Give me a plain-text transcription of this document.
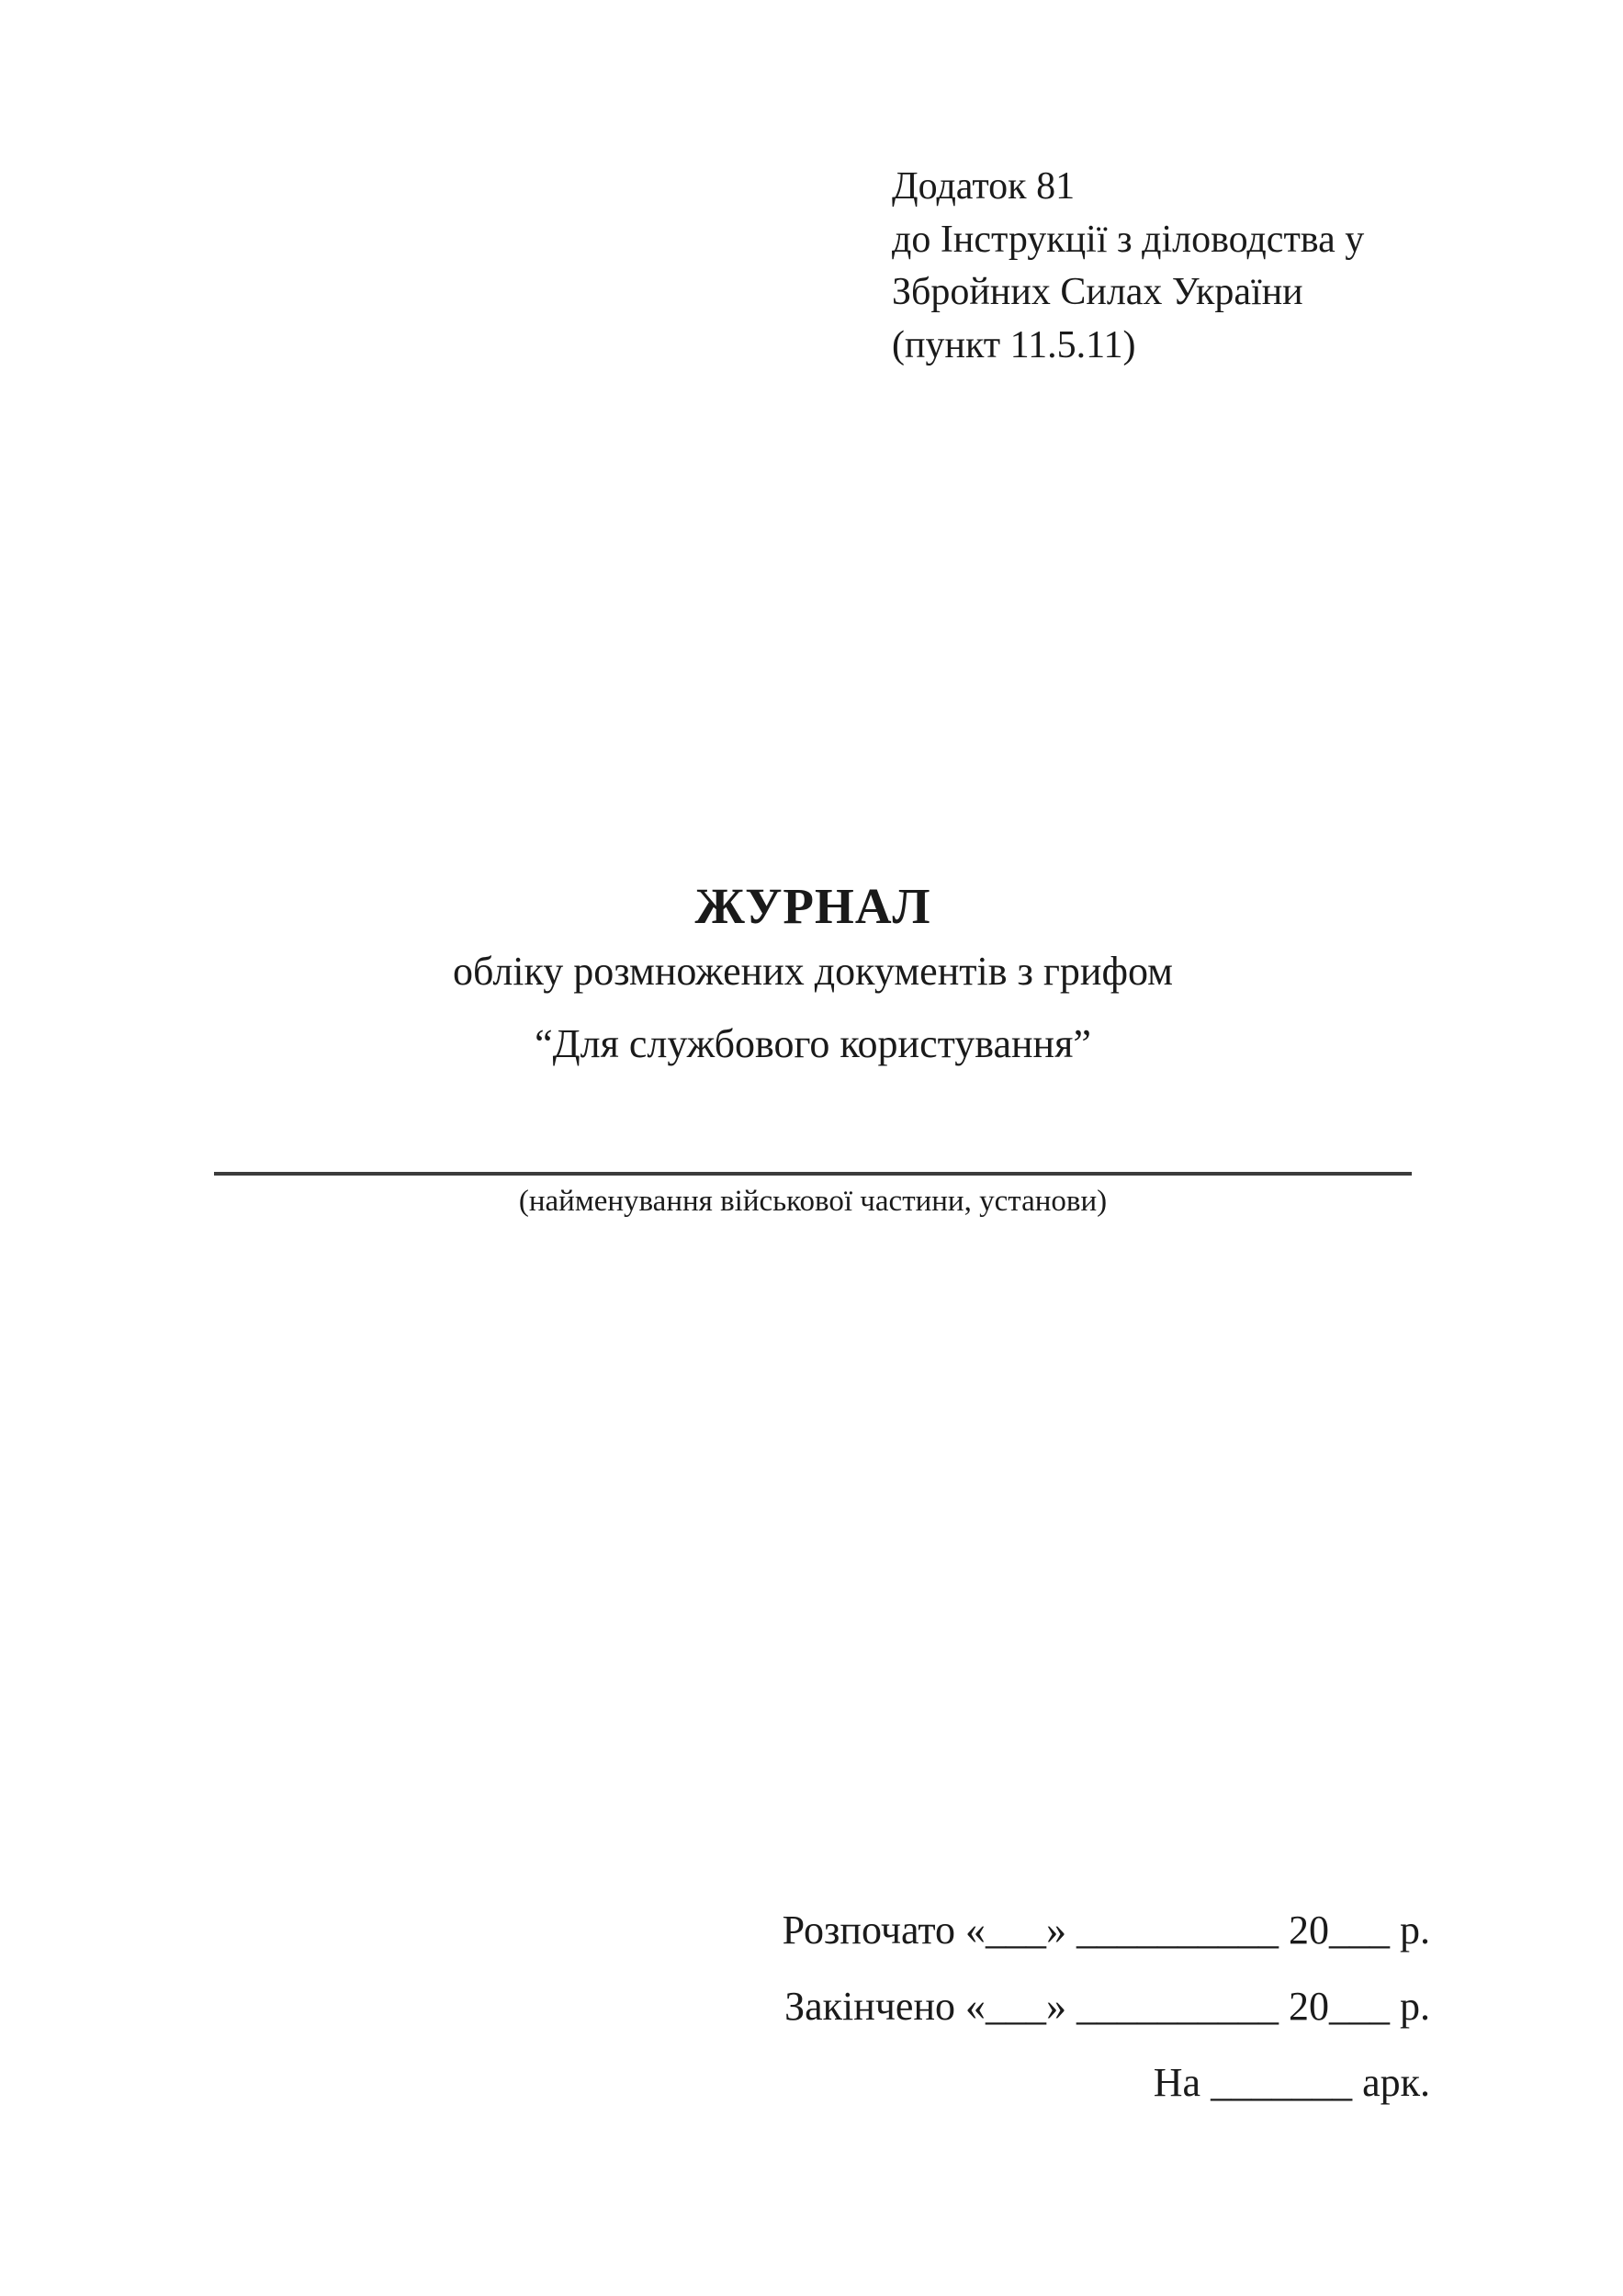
Додаток 81
до Інструкції з діловодства у
Збройних Силах України
(пункт 11.5.11)
ЖУРНАЛ
обліку розмножених документів з грифом
“Для службового користування”
(найменування військової частини, установи)
Розпочато «___» __________ 20___ р.
Закінчено «___» __________ 20___ р.
На _______ арк.
